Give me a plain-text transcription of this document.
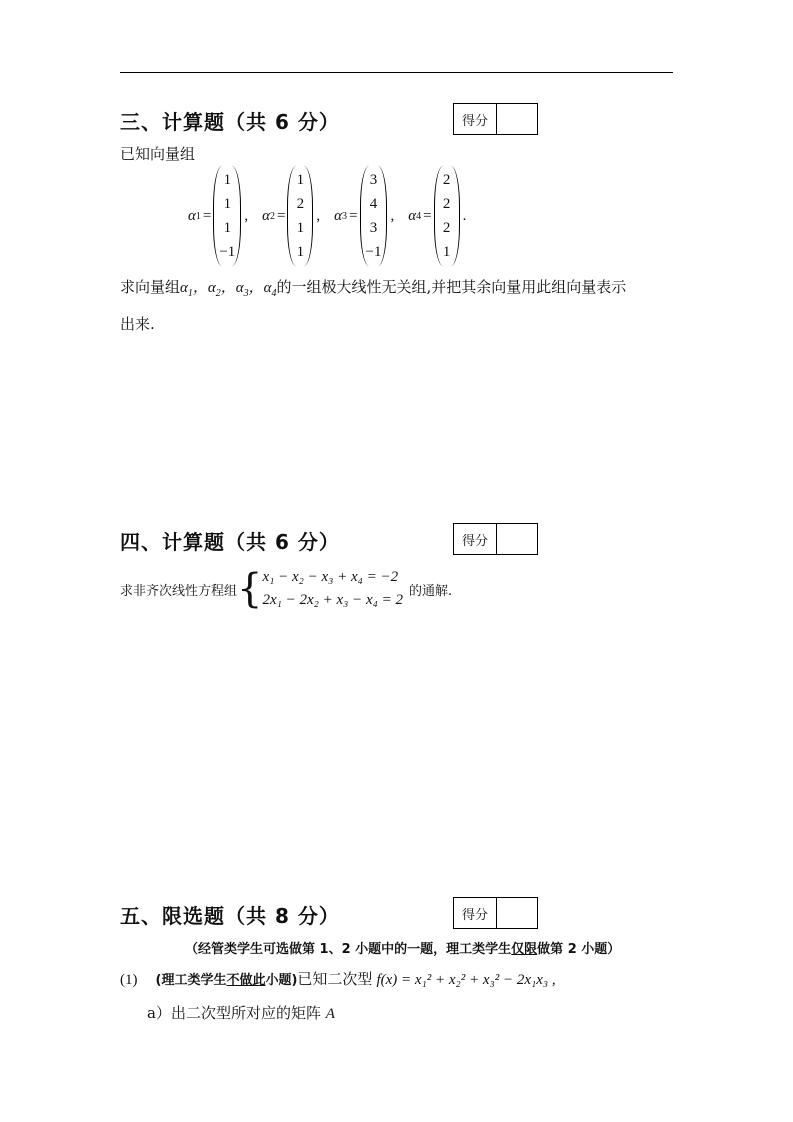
三、计算题（共 6 分）	得分
已知向量组
α 1 =
1
1
1
−1
, α 2 =
1
2
1
1
, α 3 =
3
4
3
−1
, α 4 =
2
2
2
1
.
求向量组$\alpha_1$，$\alpha_2$，$\alpha_3$，$\alpha_4$的一组极大线性无关组,并把其余向量用此组向量表示
出来.
四、计算题（共 6 分）	得分
求非齐次线性方程组 { x₁ − x₂ − x₃ + x₄ = −2
2x₁ − 2x₂ + x₃ − x₄ = 2
的通解.
五、限选题（共 8 分）	得分
（经管类学生可选做第 1、2 小题中的一题，理工类学生仅限做第 2 小题）
(1) (理工类学生不做此小题) 已知二次型 f(x) = x₁² + x₂² + x₃² − 2x₁x₃ ,
a）出二次型所对应的矩阵 A
